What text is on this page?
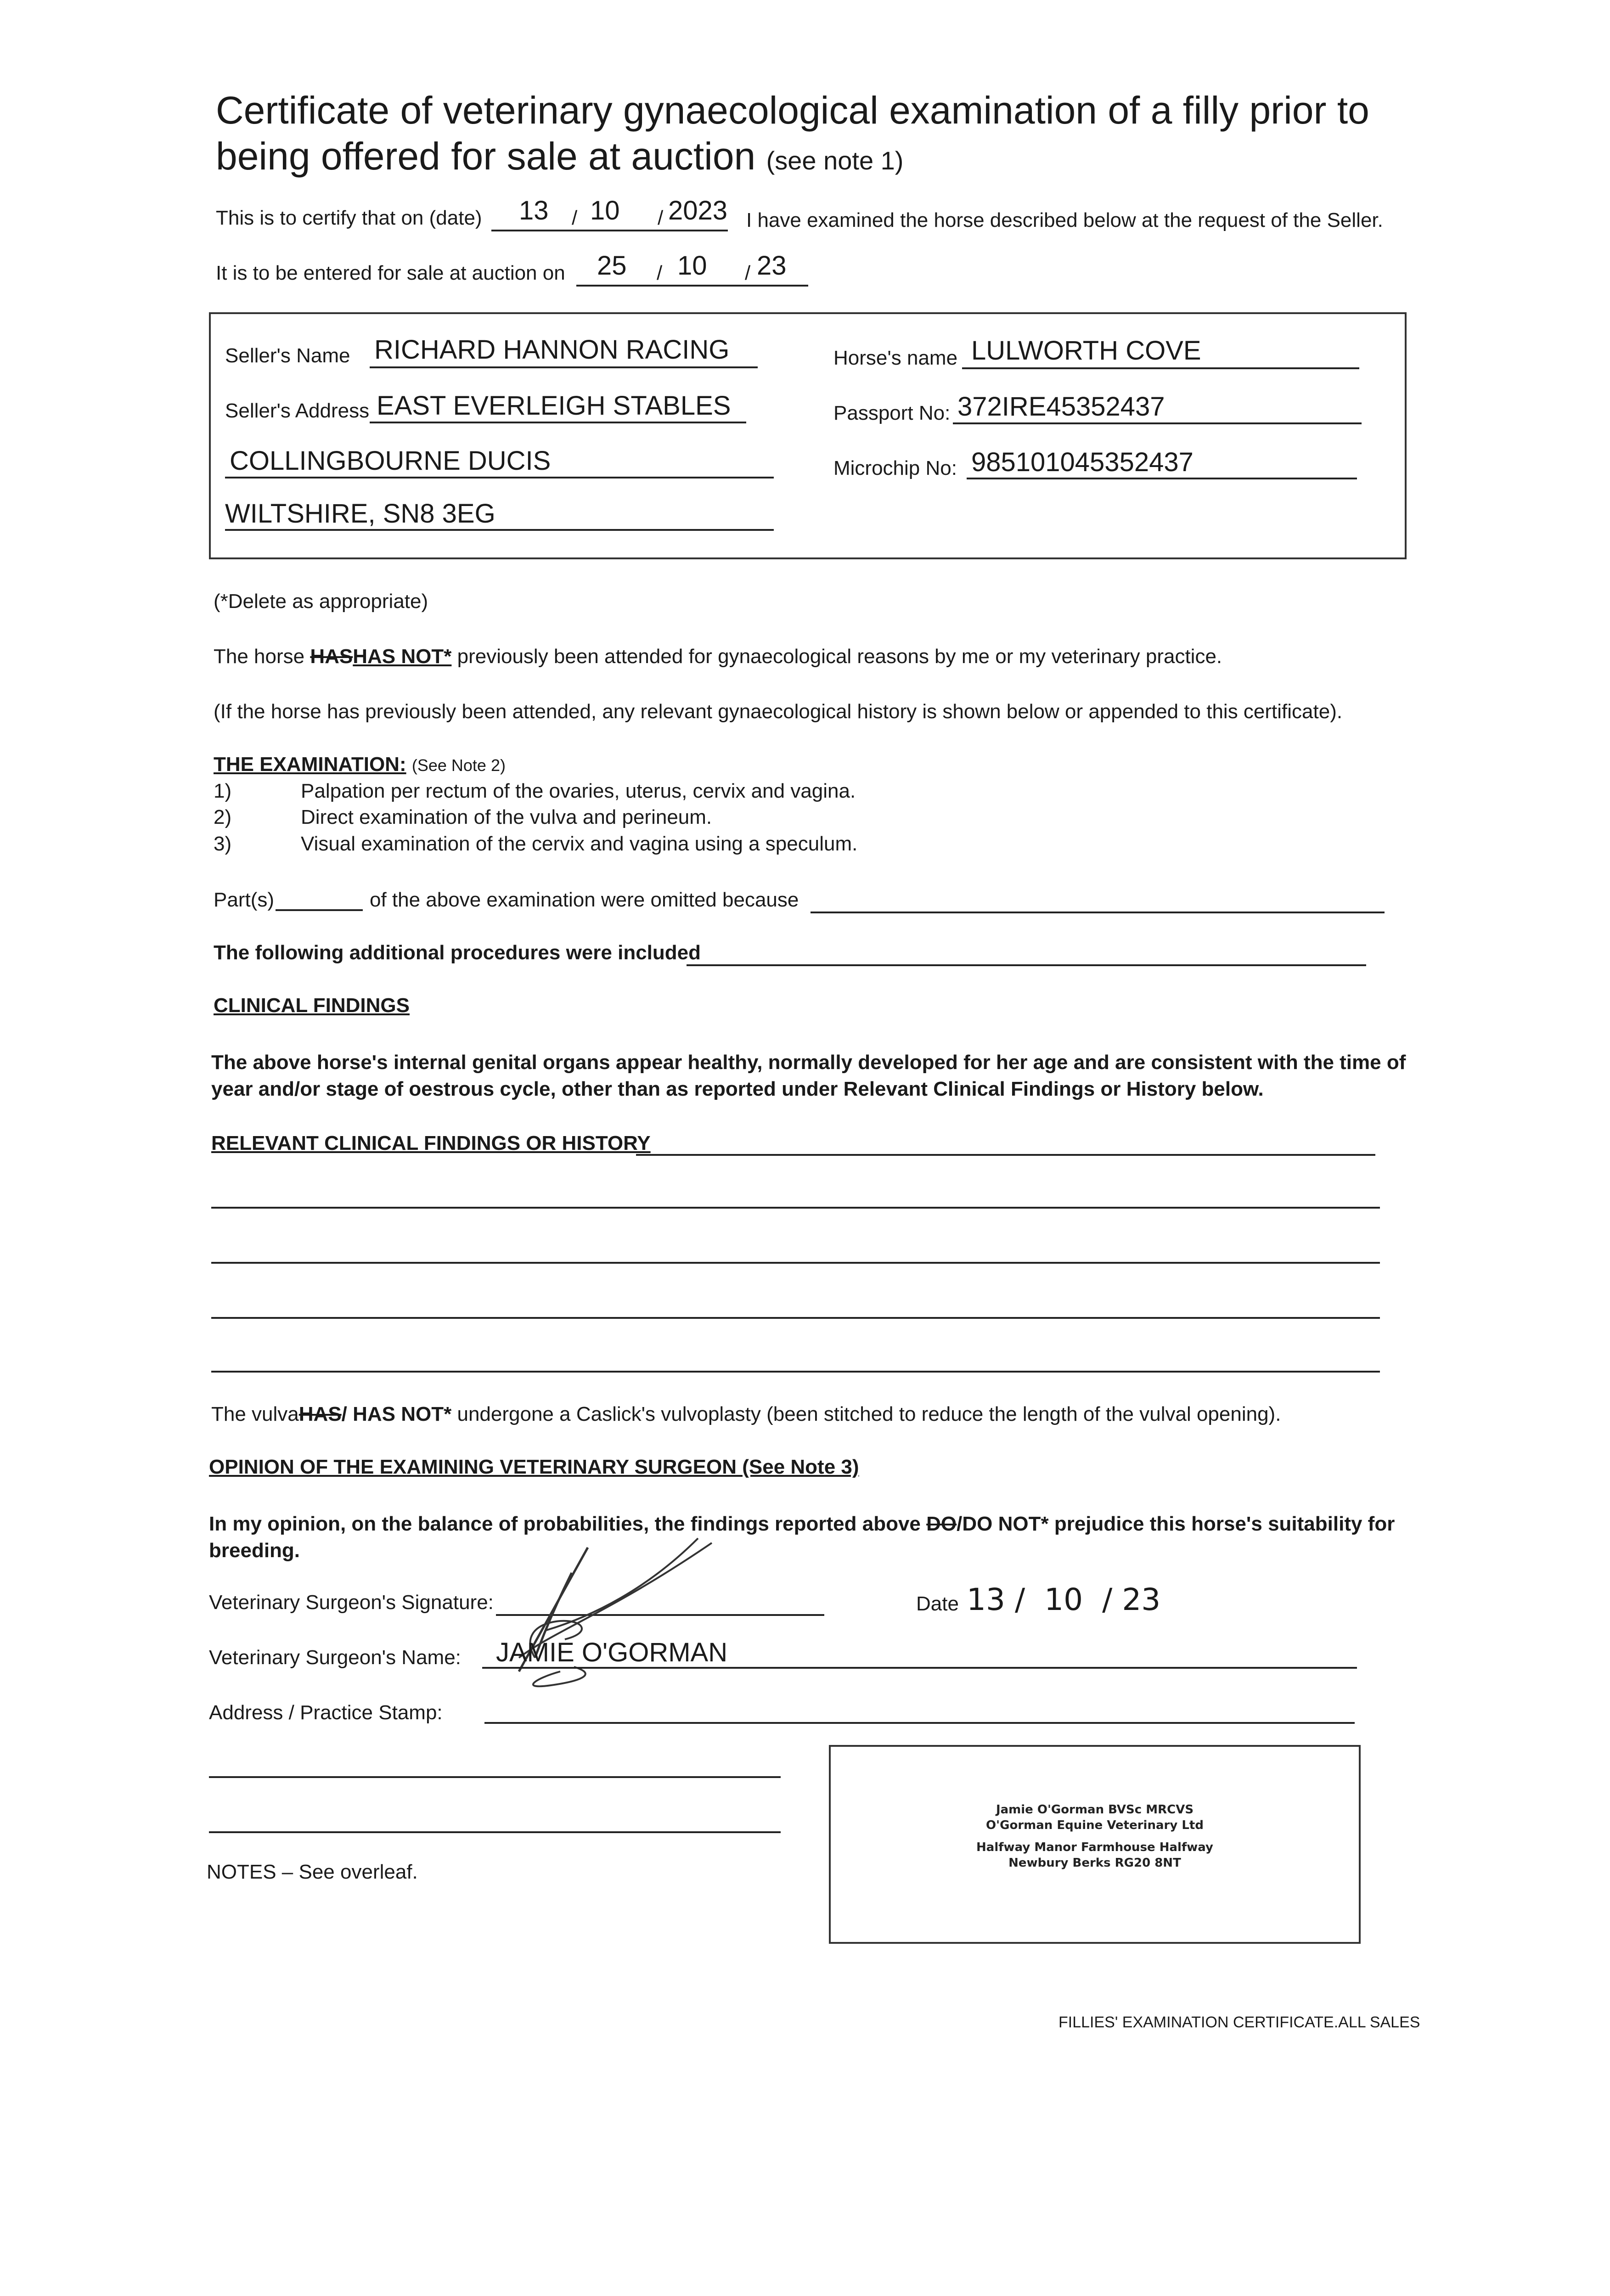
Certificate of veterinary gynaecological examination of a filly prior to being offered for sale at auction (see note 1)
This is to certify that on (date) 13 / 10 / 2023 I have examined the horse described below at the request of the Seller.
It is to be entered for sale at auction on 25 / 10 / 23
Seller's Name RICHARD HANNON RACING
Seller's Address EAST EVERLEIGH STABLES
COLLINGBOURNE DUCIS
WILTSHIRE, SN8 3EG
Horse's name LULWORTH COVE
Passport No: 372IRE45352437
Microchip No: 985101045352437
(*Delete as appropriate)
The horse HASHAS NOT* previously been attended for gynaecological reasons by me or my veterinary practice.
(If the horse has previously been attended, any relevant gynaecological history is shown below or appended to this certificate).
THE EXAMINATION: (See Note 2)
1)	Palpation per rectum of the ovaries, uterus, cervix and vagina.
2)	Direct examination of the vulva and perineum.
3)	Visual examination of the cervix and vagina using a speculum.
Part(s)	of the above examination were omitted because
The following additional procedures were included
CLINICAL FINDINGS
The above horse's internal genital organs appear healthy, normally developed for her age and are consistent with the time of year and/or stage of oestrous cycle, other than as reported under Relevant Clinical Findings or History below.
RELEVANT CLINICAL FINDINGS OR HISTORY
The vulvaHAS/ HAS NOT* undergone a Caslick's vulvoplasty (been stitched to reduce the length of the vulval opening).
OPINION OF THE EXAMINING VETERINARY SURGEON (See Note 3)
In my opinion, on the balance of probabilities, the findings reported above DO/DO NOT* prejudice this horse's suitability for breeding.
Veterinary Surgeon's Signature:	Date 13 /  10  / 23
Veterinary Surgeon's Name: JAMIE O'GORMAN
Address / Practice Stamp:
Jamie O'Gorman BVSc MRCVS
O'Gorman Equine Veterinary Ltd
Halfway Manor Farmhouse Halfway
Newbury Berks RG20 8NT
NOTES – See overleaf.
FILLIES' EXAMINATION CERTIFICATE.ALL SALES
